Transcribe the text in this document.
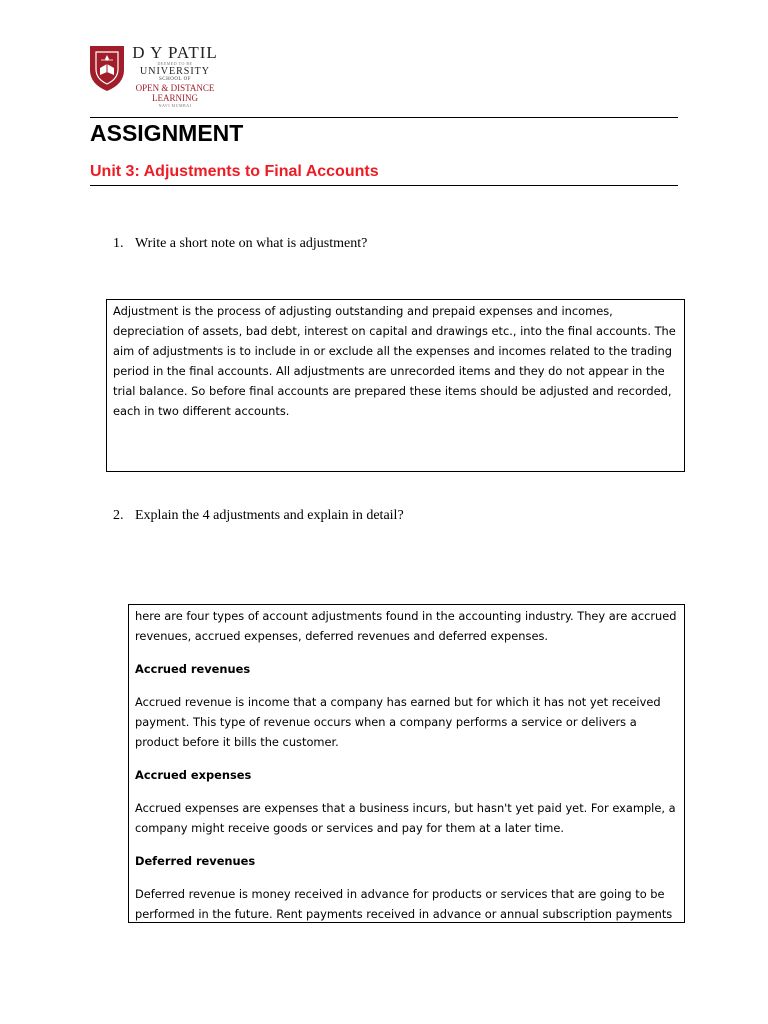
D Y PATIL
DEEMED TO BE
UNIVERSITY
SCHOOL OF
OPEN & DISTANCE
LEARNING
NAVI MUMBAI
ASSIGNMENT
Unit 3: Adjustments to Final Accounts
1. Write a short note on what is adjustment?

Adjustment is the process of adjusting outstanding and prepaid expenses and incomes, depreciation of assets, bad debt, interest on capital and drawings etc., into the final accounts. The aim of adjustments is to include in or exclude all the expenses and incomes related to the trading period in the final accounts. All adjustments are unrecorded items and they do not appear in the trial balance. So before final accounts are prepared these items should be adjusted and recorded, each in two different accounts.

2. Explain the 4 adjustments and explain in detail?

here are four types of account adjustments found in the accounting industry. They are accrued revenues, accrued expenses, deferred revenues and deferred expenses.

Accrued revenues

Accrued revenue is income that a company has earned but for which it has not yet received payment. This type of revenue occurs when a company performs a service or delivers a product before it bills the customer.

Accrued expenses

Accrued expenses are expenses that a business incurs, but hasn't yet paid yet. For example, a company might receive goods or services and pay for them at a later time.

Deferred revenues

Deferred revenue is money received in advance for products or services that are going to be performed in the future. Rent payments received in advance or annual subscription payments
